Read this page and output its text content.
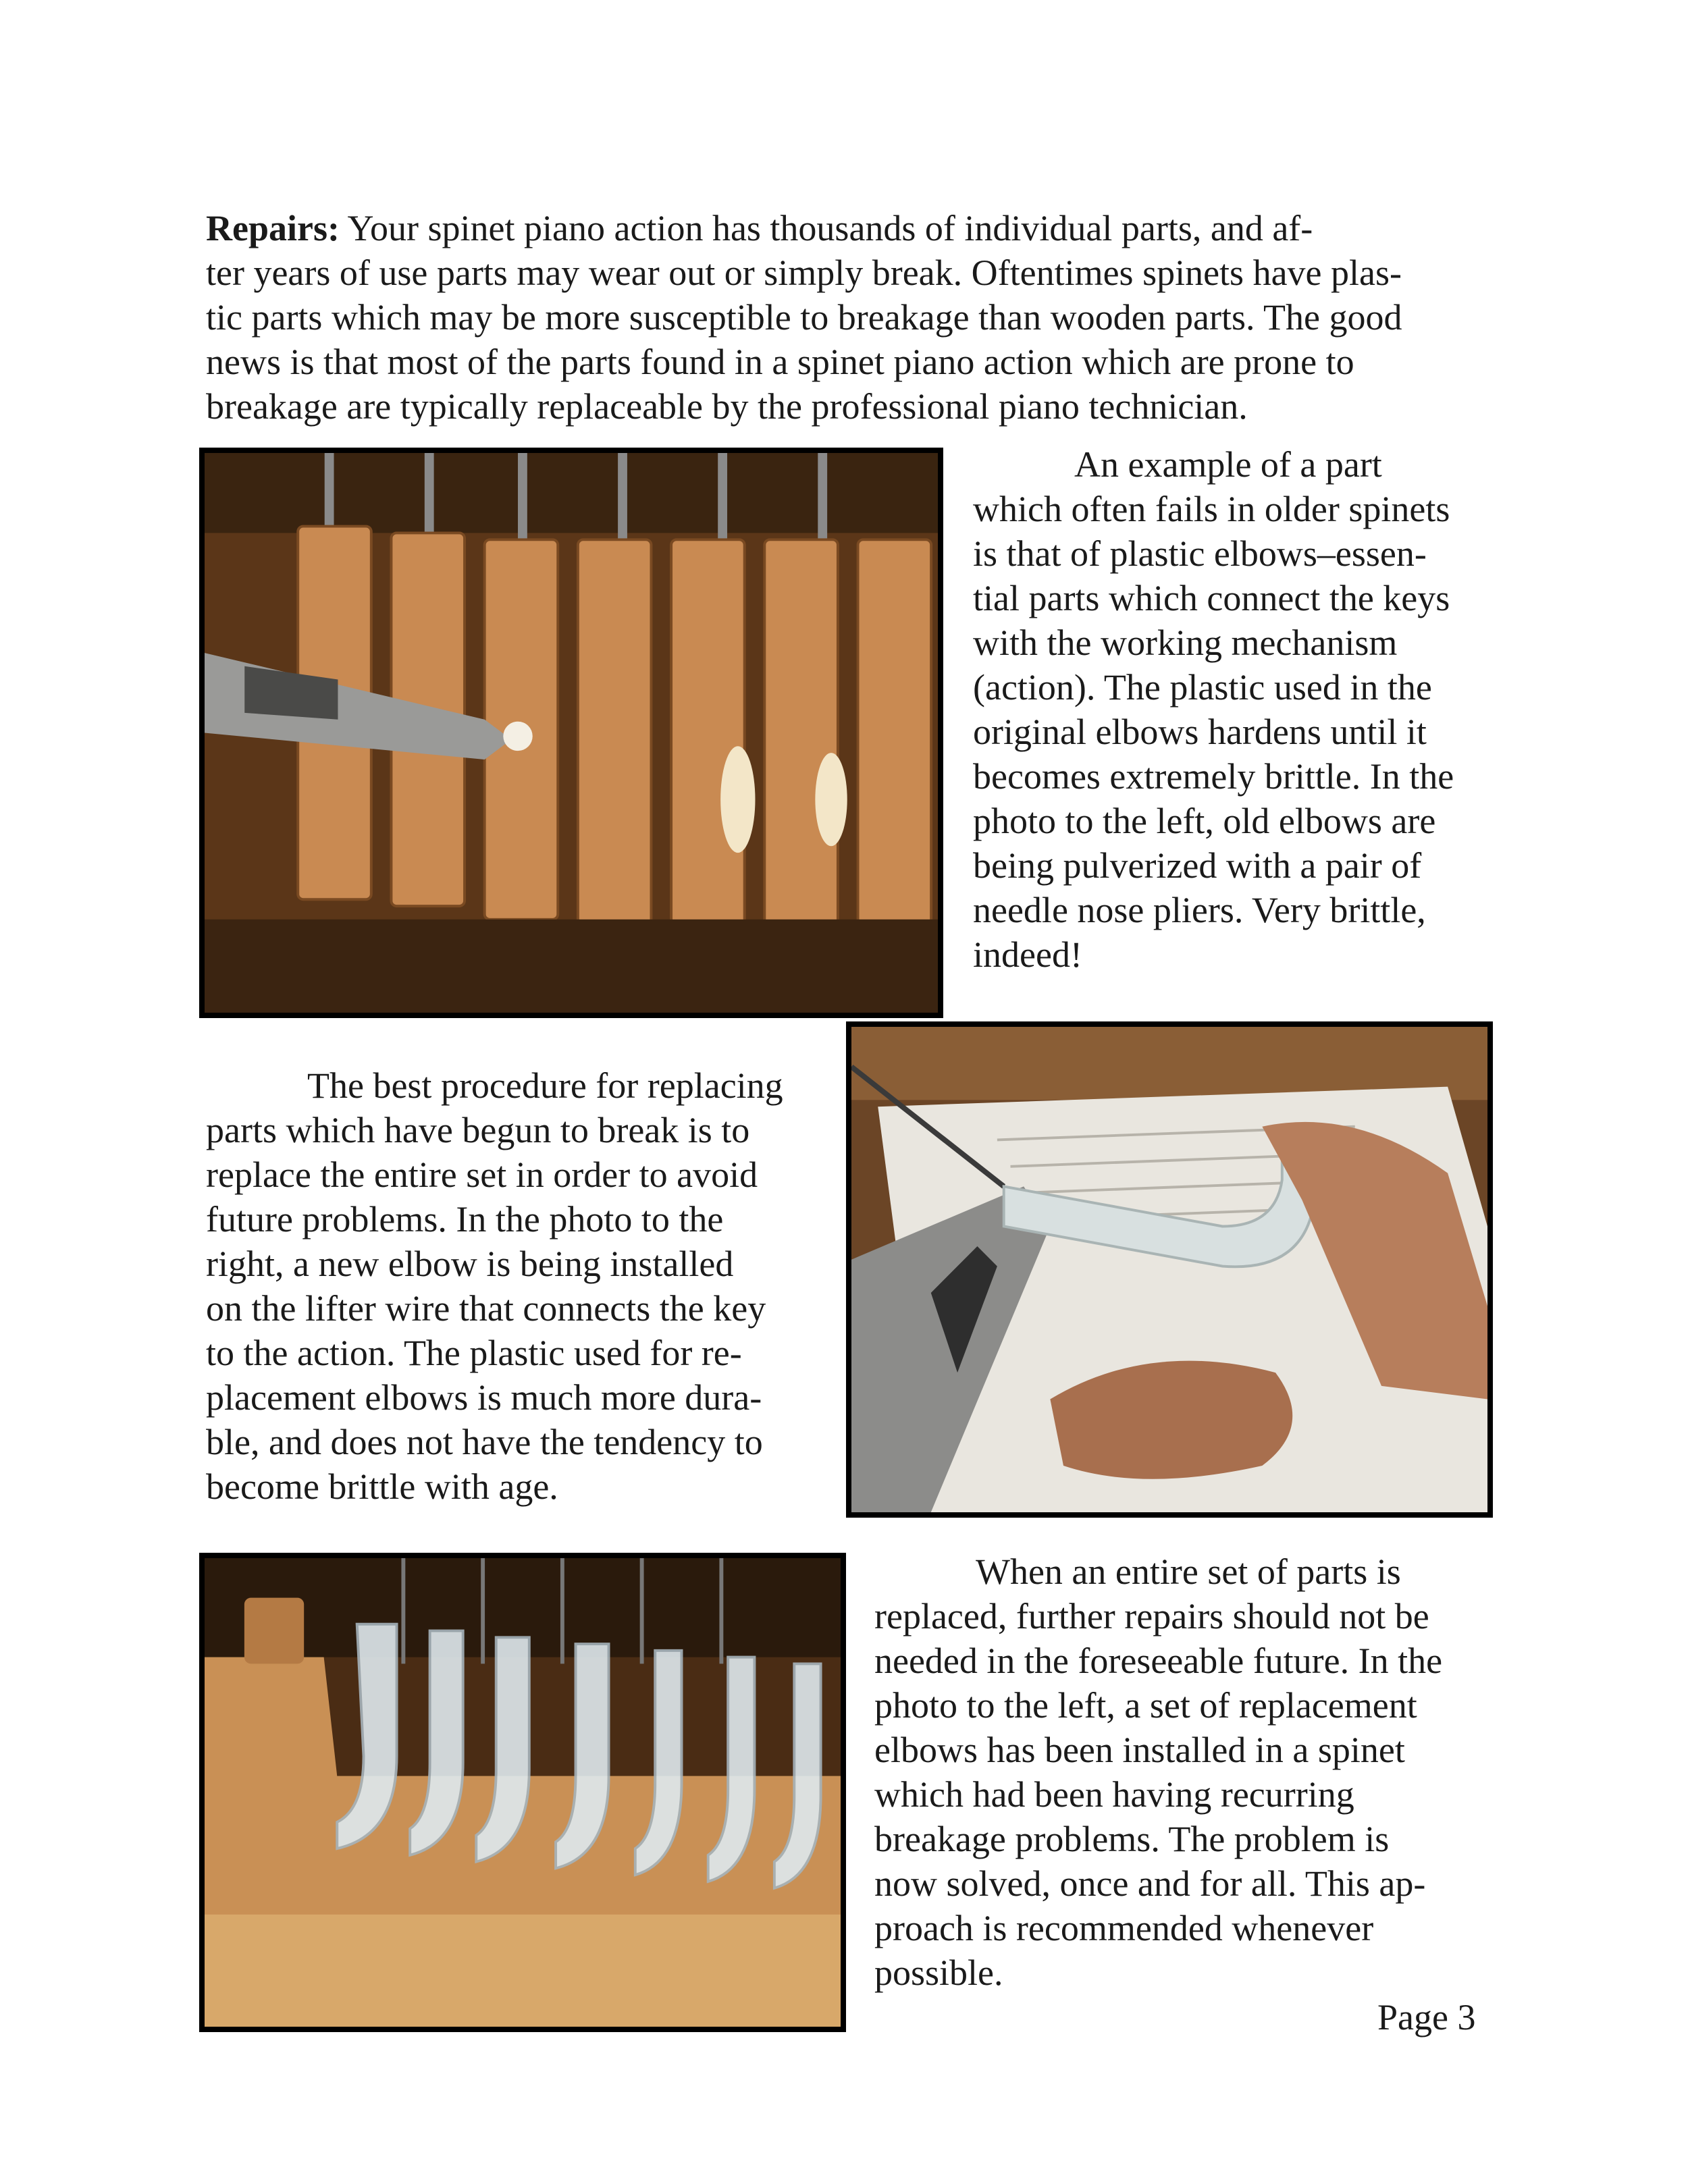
Repairs: Your spinet piano action has thousands of individual parts, and af-
ter years of use parts may wear out or simply break. Oftentimes spinets have plas-
tic parts which may be more susceptible to breakage than wooden parts. The good
news is that most of the parts found in a spinet piano action which are prone to
breakage are typically replaceable by the professional piano technician.
An example of a part
which often fails in older spinets
is that of plastic elbows–essen-
tial parts which connect the keys
with the working mechanism
(action). The plastic used in the
original elbows hardens until it
becomes extremely brittle. In the
photo to the left, old elbows are
being pulverized with a pair of
needle nose pliers. Very brittle,
indeed!
The best procedure for replacing
parts which have begun to break is to
replace the entire set in order to avoid
future problems. In the photo to the
right, a new elbow is being installed
on the lifter wire that connects the key
to the action. The plastic used for re-
placement elbows is much more dura-
ble, and does not have the tendency to
become brittle with age.
When an entire set of parts is
replaced, further repairs should not be
needed in the foreseeable future. In the
photo to the left, a set of replacement
elbows has been installed in a spinet
which had been having recurring
breakage problems. The problem is
now solved, once and for all. This ap-
proach is recommended whenever
possible.
Page 3
